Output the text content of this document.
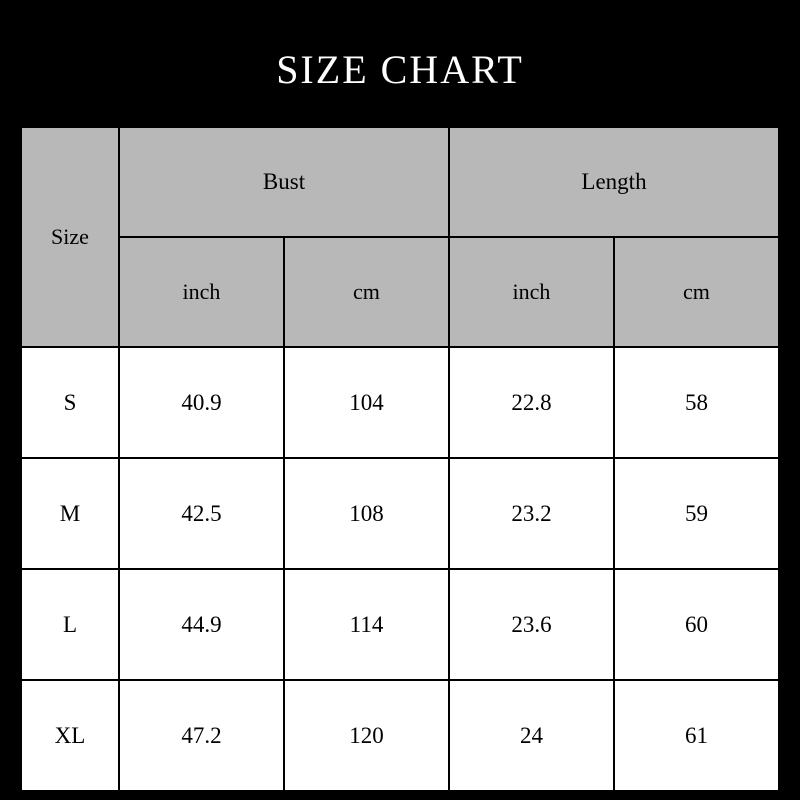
SIZE CHART
Size	Bust		Length	
	inch	cm	inch	cm
S	40.9	104	22.8	58
M	42.5	108	23.2	59
L	44.9	114	23.6	60
XL	47.2	120	24	61
